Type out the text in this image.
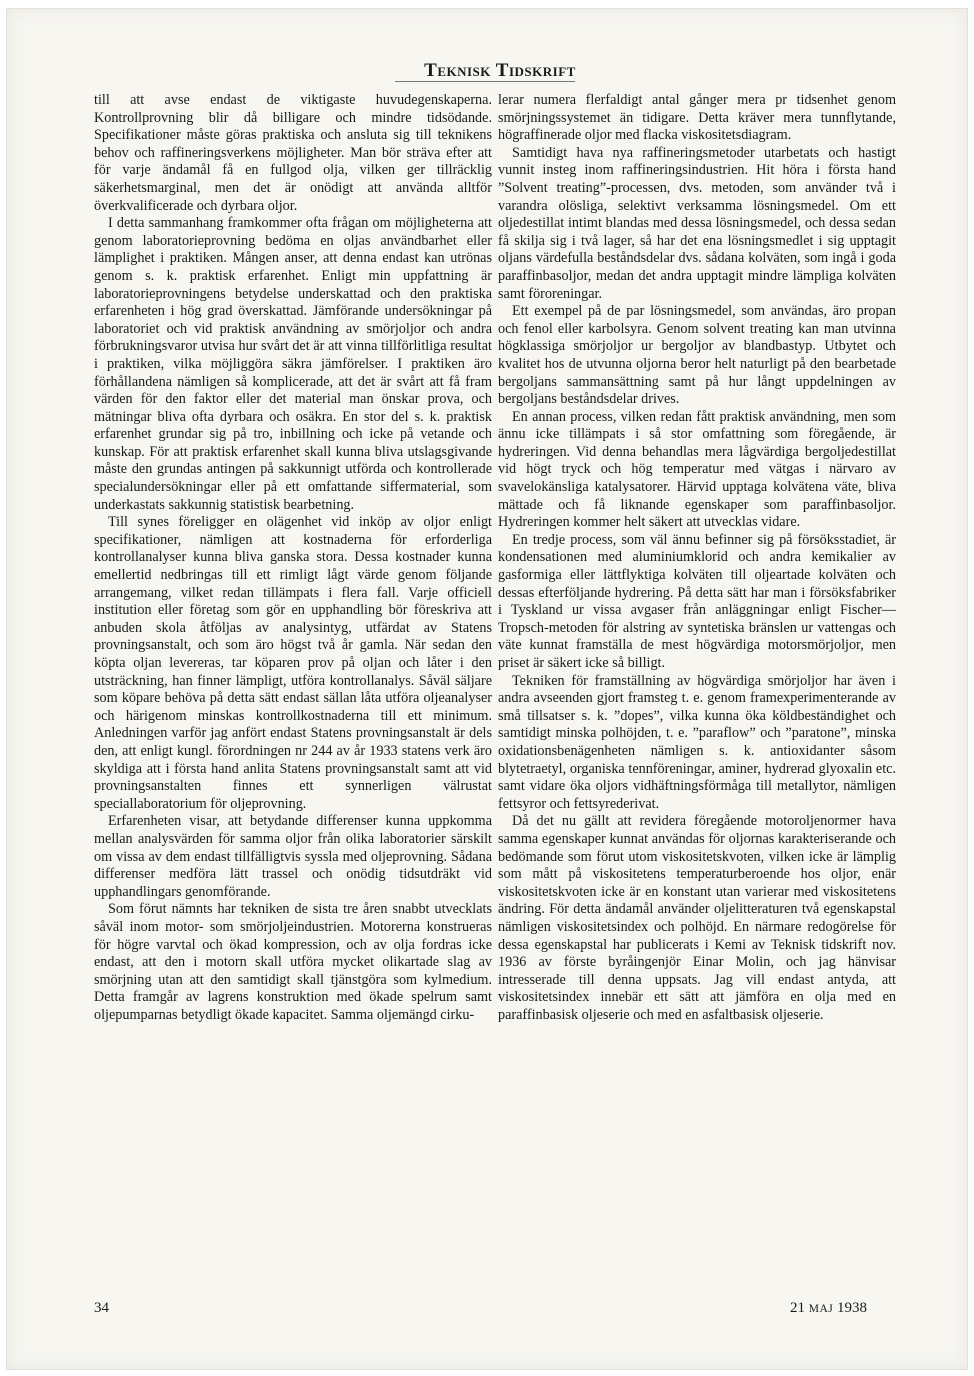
Teknisk Tidskrift

till att avse endast de viktigaste huvudegenskaperna. Kontrollprovning blir då billigare och mindre tidsödande. Specifikationer måste göras praktiska och ansluta sig till teknikens behov och raffineringsverkens möjligheter. Man bör sträva efter att för varje ändamål få en fullgod olja, vilken ger tillräcklig säkerhetsmarginal, men det är onödigt att använda alltför överkvalificerade och dyrbara oljor.

I detta sammanhang framkommer ofta frågan om möjligheterna att genom laboratorieprovning bedöma en oljas användbarhet eller lämplighet i praktiken. Mången anser, att denna endast kan utrönas genom s. k. praktisk erfarenhet. Enligt min uppfattning är laboratorieprovningens betydelse underskattad och den praktiska erfarenheten i hög grad överskattad. Jämförande undersökningar på laboratoriet och vid praktisk användning av smörjoljor och andra förbrukningsvaror utvisa hur svårt det är att vinna tillförlitliga resultat i praktiken, vilka möjliggöra säkra jämförelser. I praktiken äro förhållandena nämligen så komplicerade, att det är svårt att få fram värden för den faktor eller det material man önskar prova, och mätningar bliva ofta dyrbara och osäkra. En stor del s. k. praktisk erfarenhet grundar sig på tro, inbillning och icke på vetande och kunskap. För att praktisk erfarenhet skall kunna bliva utslagsgivande måste den grundas antingen på sakkunnigt utförda och kontrollerade specialundersökningar eller på ett omfattande siffermaterial, som underkastats sakkunnig statistisk bearbetning.

Till synes föreligger en olägenhet vid inköp av oljor enligt specifikationer, nämligen att kostnaderna för erforderliga kontrollanalyser kunna bliva ganska stora. Dessa kostnader kunna emellertid nedbringas till ett rimligt lågt värde genom följande arrangemang, vilket redan tillämpats i flera fall. Varje officiell institution eller företag som gör en upphandling bör föreskriva att anbuden skola åtföljas av analysintyg, utfärdat av Statens provningsanstalt, och som äro högst två år gamla. När sedan den köpta oljan levereras, tar köparen prov på oljan och låter i den utsträckning, han finner lämpligt, utföra kontrollanalys. Såväl säljare som köpare behöva på detta sätt endast sällan låta utföra oljeanalyser och härigenom minskas kontrollkostnaderna till ett minimum. Anledningen varför jag anfört endast Statens provningsanstalt är dels den, att enligt kungl. förordningen nr 244 av år 1933 statens verk äro skyldiga att i första hand anlita Statens provningsanstalt samt att vid provningsanstalten finnes ett synnerligen välrustat speciallaboratorium för oljeprovning.

Erfarenheten visar, att betydande differenser kunna uppkomma mellan analysvärden för samma oljor från olika laboratorier särskilt om vissa av dem endast tillfälligtvis syssla med oljeprovning. Sådana differenser medföra lätt trassel och onödig tidsutdräkt vid upphandlingars genomförande.

Som förut nämnts har tekniken de sista tre åren snabbt utvecklats såväl inom motor- som smörjoljeindustrien. Motorerna konstrueras för högre varvtal och ökad kompression, och av olja fordras icke endast, att den i motorn skall utföra mycket olikartade slag av smörjning utan att den samtidigt skall tjänstgöra som kylmedium. Detta framgår av lagrens konstruktion med ökade spelrum samt oljepumparnas betydligt ökade kapacitet. Samma oljemängd cirku-

lerar numera flerfaldigt antal gånger mera pr tidsenhet genom smörjningssystemet än tidigare. Detta kräver mera tunnflytande, högraffinerade oljor med flacka viskositetsdiagram.

Samtidigt hava nya raffineringsmetoder utarbetats och hastigt vunnit insteg inom raffineringsindustrien. Hit höra i första hand ”Solvent treating”-processen, dvs. metoden, som använder två i varandra olösliga, selektivt verksamma lösningsmedel. Om ett oljedestillat intimt blandas med dessa lösningsmedel, och dessa sedan få skilja sig i två lager, så har det ena lösningsmedlet i sig upptagit oljans värdefulla beståndsdelar dvs. sådana kolväten, som ingå i goda paraffinbasoljor, medan det andra upptagit mindre lämpliga kolväten samt föroreningar.

Ett exempel på de par lösningsmedel, som användas, äro propan och fenol eller karbolsyra. Genom solvent treating kan man utvinna högklassiga smörjoljor ur bergoljor av blandbastyp. Utbytet och kvalitet hos de utvunna oljorna beror helt naturligt på den bearbetade bergoljans sammansättning samt på hur långt uppdelningen av bergoljans beståndsdelar drives.

En annan process, vilken redan fått praktisk användning, men som ännu icke tillämpats i så stor omfattning som föregående, är hydreringen. Vid denna behandlas mera lågvärdiga bergoljedestillat vid högt tryck och hög temperatur med vätgas i närvaro av svavelokänsliga katalysatorer. Härvid upptaga kolvätena väte, bliva mättade och få liknande egenskaper som paraffinbasoljor. Hydreringen kommer helt säkert att utvecklas vidare.

En tredje process, som väl ännu befinner sig på försöksstadiet, är kondensationen med aluminiumklorid och andra kemikalier av gasformiga eller lättflyktiga kolväten till oljeartade kolväten och dessas efterföljande hydrering. På detta sätt har man i försöksfabriker i Tyskland ur vissa avgaser från anläggningar enligt Fischer—Tropsch-metoden för alstring av syntetiska bränslen ur vattengas och väte kunnat framställa de mest högvärdiga motorsmörjoljor, men priset är säkert icke så billigt.

Tekniken för framställning av högvärdiga smörjoljor har även i andra avseenden gjort framsteg t. e. genom framexperimenterande av små tillsatser s. k. ”dopes”, vilka kunna öka köldbeständighet och samtidigt minska polhöjden, t. e. ”paraflow” och ”paratone”, minska oxidationsbenägenheten nämligen s. k. antioxidanter såsom blytetraetyl, organiska tennföreningar, aminer, hydrerad glyoxalin etc. samt vidare öka oljors vidhäftningsförmåga till metallytor, nämligen fettsyror och fettsyrederivat.

Då det nu gällt att revidera föregående motoroljenormer hava samma egenskaper kunnat användas för oljornas karakteriserande och bedömande som förut utom viskositetskvoten, vilken icke är lämplig som mått på viskositetens temperaturberoende hos oljor, enär viskositetskvoten icke är en konstant utan varierar med viskositetens ändring. För detta ändamål använder oljelitteraturen två egenskapstal nämligen viskositetsindex och polhöjd. En närmare redogörelse för dessa egenskapstal har publicerats i Kemi av Teknisk tidskrift nov. 1936 av förste byråingenjör Einar Molin, och jag hänvisar intresserade till denna uppsats. Jag vill endast antyda, att viskositetsindex innebär ett sätt att jämföra en olja med en paraffinbasisk oljeserie och med en asfaltbasisk oljeserie.

34	21 MAJ 1938
